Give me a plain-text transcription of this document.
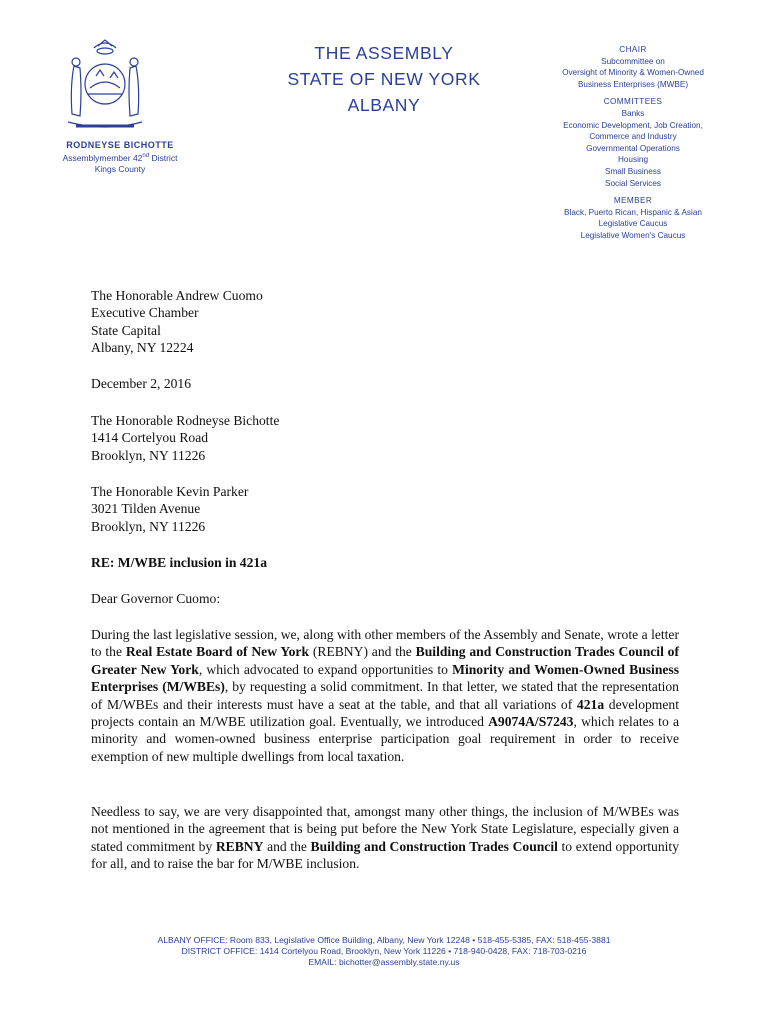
RODNEYSE BICHOTTE
Assemblymember 42nd District
Kings County
THE ASSEMBLY
STATE OF NEW YORK
ALBANY
CHAIR
Subcommittee on
Oversight of Minority & Women-Owned
Business Enterprises (MWBE)
COMMITTEES
Banks
Economic Development, Job Creation,
Commerce and Industry
Governmental Operations
Housing
Small Business
Social Services
MEMBER
Black, Puerto Rican, Hispanic & Asian
Legislative Caucus
Legislative Women's Caucus

The Honorable Andrew Cuomo

Executive Chamber

State Capital

Albany, NY 12224

December 2, 2016

The Honorable Rodneyse Bichotte

1414 Cortelyou Road

Brooklyn, NY 11226

The Honorable Kevin Parker

3021 Tilden Avenue

Brooklyn, NY 11226

RE: M/WBE inclusion in 421a
Dear Governor Cuomo:
During the last legislative session, we, along with other members of the Assembly and Senate, wrote a letter to the Real Estate Board of New York (REBNY) and the Building and Construction Trades Council of Greater New York, which advocated to expand opportunities to Minority and Women-Owned Business Enterprises (M/WBEs), by requesting a solid commitment. In that letter, we stated that the representation of M/WBEs and their interests must have a seat at the table, and that all variations of 421a development projects contain an M/WBE utilization goal. Eventually, we introduced A9074A/S7243, which relates to a minority and women-owned business enterprise participation goal requirement in order to receive exemption of new multiple dwellings from local taxation.
Needless to say, we are very disappointed that, amongst many other things, the inclusion of M/WBEs was not mentioned in the agreement that is being put before the New York State Legislature, especially given a stated commitment by REBNY and the Building and Construction Trades Council to extend opportunity for all, and to raise the bar for M/WBE inclusion.
ALBANY OFFICE: Room 833, Legislative Office Building, Albany, New York 12248 • 518-455-5385, FAX: 518-455-3881
DISTRICT OFFICE: 1414 Cortelyou Road, Brooklyn, New York 11226 • 718-940-0428, FAX: 718-703-0216
EMAIL: bichotter@assembly.state.ny.us
